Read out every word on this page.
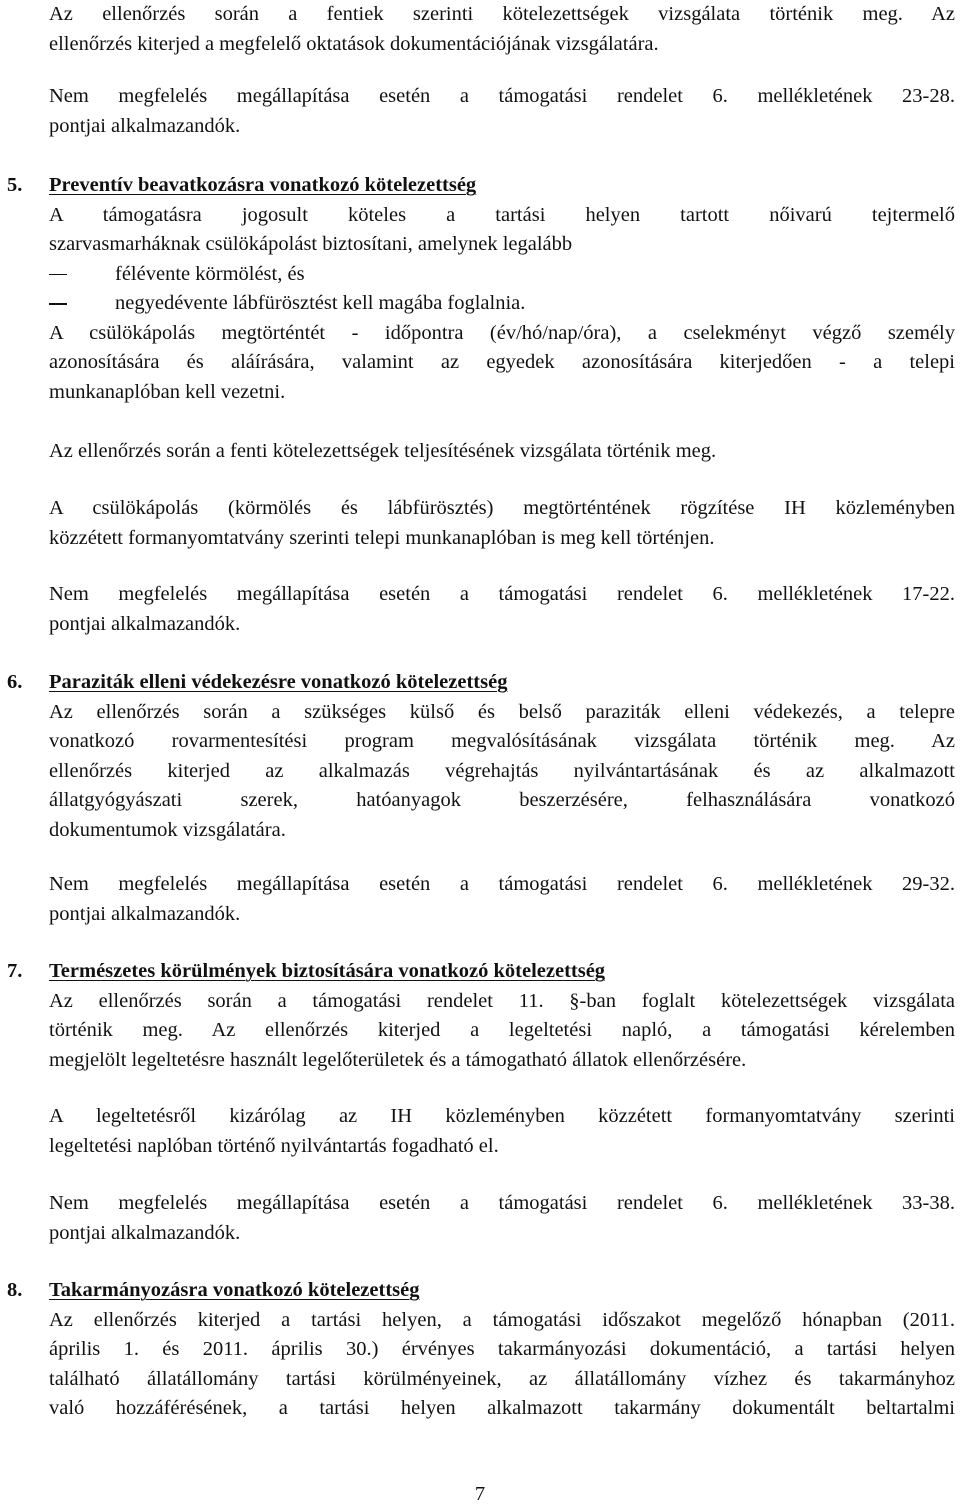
Az ellenőrzés során a fentiek szerinti kötelezettségek vizsgálata történik meg. Az
ellenőrzés kiterjed a megfelelő oktatások dokumentációjának vizsgálatára.
Nem megfelelés megállapítása esetén a támogatási rendelet 6. mellékletének 23-28.
pontjai alkalmazandók.
5. Preventív beavatkozásra vonatkozó kötelezettség
A támogatásra jogosult köteles a tartási helyen tartott nőivarú tejtermelő
szarvasmarháknak csülökápolást biztosítani, amelynek legalább
félévente körmölést, és
negyedévente lábfürösztést kell magába foglalnia.
A csülökápolás megtörténtét - időpontra (év/hó/nap/óra), a cselekményt végző személy
azonosítására és aláírására, valamint az egyedek azonosítására kiterjedően - a telepi
munkanaplóban kell vezetni.
Az ellenőrzés során a fenti kötelezettségek teljesítésének vizsgálata történik meg.
A csülökápolás (körmölés és lábfürösztés) megtörténtének rögzítése IH közleményben
közzétett formanyomtatvány szerinti telepi munkanaplóban is meg kell történjen.
Nem megfelelés megállapítása esetén a támogatási rendelet 6. mellékletének 17-22.
pontjai alkalmazandók.
6. Paraziták elleni védekezésre vonatkozó kötelezettség
Az ellenőrzés során a szükséges külső és belső paraziták elleni védekezés, a telepre
vonatkozó rovarmentesítési program megvalósításának vizsgálata történik meg. Az
ellenőrzés kiterjed az alkalmazás végrehajtás nyilvántartásának és az alkalmazott
állatgyógyászati szerek, hatóanyagok beszerzésére, felhasználására vonatkozó
dokumentumok vizsgálatára.
Nem megfelelés megállapítása esetén a támogatási rendelet 6. mellékletének 29-32.
pontjai alkalmazandók.
7. Természetes körülmények biztosítására vonatkozó kötelezettség
Az ellenőrzés során a támogatási rendelet 11. §-ban foglalt kötelezettségek vizsgálata
történik meg. Az ellenőrzés kiterjed a legeltetési napló, a támogatási kérelemben
megjelölt legeltetésre használt legelőterületek és a támogatható állatok ellenőrzésére.
A legeltetésről kizárólag az IH közleményben közzétett formanyomtatvány szerinti
legeltetési naplóban történő nyilvántartás fogadható el.
Nem megfelelés megállapítása esetén a támogatási rendelet 6. mellékletének 33-38.
pontjai alkalmazandók.
8. Takarmányozásra vonatkozó kötelezettség
Az ellenőrzés kiterjed a tartási helyen, a támogatási időszakot megelőző hónapban (2011.
április 1. és 2011. április 30.) érvényes takarmányozási dokumentáció, a tartási helyen
található állatállomány tartási körülményeinek, az állatállomány vízhez és takarmányhoz
való hozzáférésének, a tartási helyen alkalmazott takarmány dokumentált beltartalmi
7
